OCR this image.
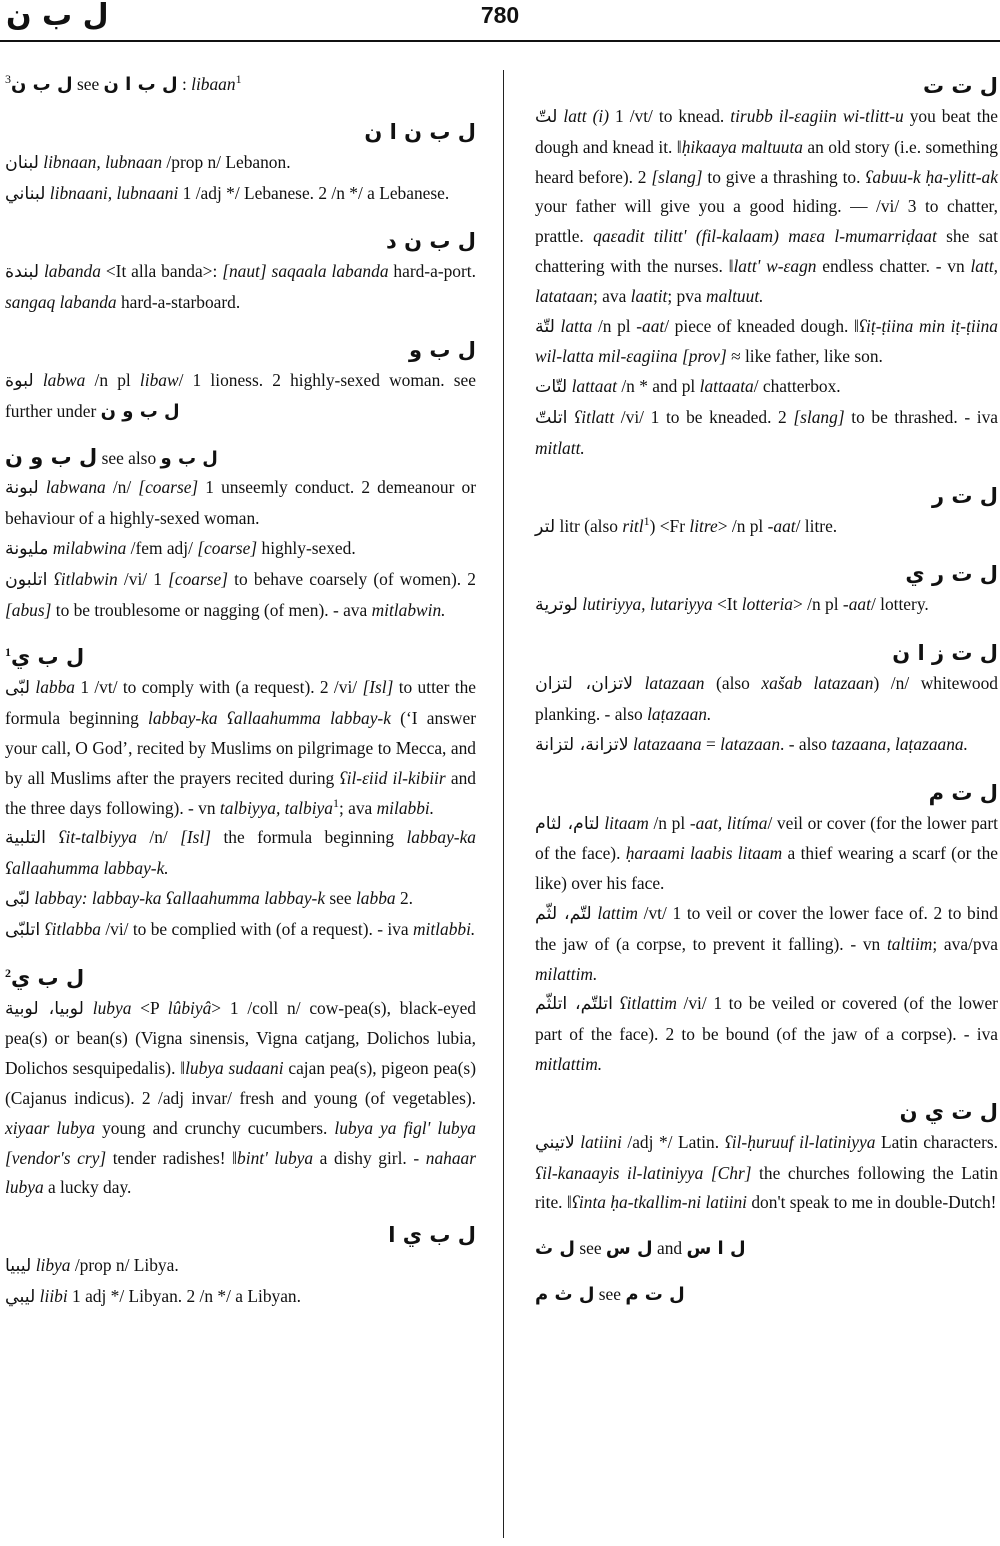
ل ب ن	780

$^3$ل ب ن see ل ب ا ن : libaan$^1$

ل ب ن ا ن

لبنان libnaan, lubnaan /prop n/ Lebanon.

لبناني libnaani, lubnaani 1 /adj */ Lebanese. 2 /n */ a Lebanese.

ل ب ن د

لبندة labanda <It alla banda>: [naut] saqaala labanda hard-a-port. sangaq labanda hard-a-starboard.

ل ب و

لبوة labwa /n pl libaw/ 1 lioness. 2 highly-sexed woman. see further under ل ب و ن

ل ب و ن see also ل ب و

لبونة labwana /n/ [coarse] 1 unseemly conduct. 2 demeanour or behaviour of a highly-sexed woman.

مليونة milabwina /fem adj/ [coarse] highly-sexed.

اتلبون ʕitlabwin /vi/ 1 [coarse] to behave coarsely (of women). 2 [abus] to be troublesome or nagging (of men). - ava mitlabwin.

$^1$ل ب ي

لبّى labba 1 /vt/ to comply with (a request). 2 /vi/ [Isl] to utter the formula beginning labbay-ka ʕallaahumma labbay-k (‘I answer your call, O God’, recited by Muslims on pilgrimage to Mecca, and by all Muslims after the prayers recited during ʕil-ɛiid il-kibiir and the three days following). - vn talbiyya, talbiya$^1$; ava milabbi.

التلبية ʕit-talbiyya /n/ [Isl] the formula beginning labbay-ka ʕallaahumma labbay-k.

لبّى labbay: labbay-ka ʕallaahumma labbay-k see labba 2.

اتلبّى ʕitlabba /vi/ to be complied with (of a request). - iva mitlabbi.

$^2$ل ب ي

لوبيا، لوبية lubya <P lûbiyâ> 1 /coll n/ cow-pea(s), black-eyed pea(s) or bean(s) (Vigna sinensis, Vigna catjang, Dolichos lubia, Dolichos sesquipedalis). ‖lubya sudaani cajan pea(s), pigeon pea(s) (Cajanus indicus). 2 /adj invar/ fresh and young (of vegetables). xiyaar lubya young and crunchy cucumbers. lubya ya figl' lubya [vendor's cry] tender radishes! ‖bint' lubya a dishy girl. - nahaar lubya a lucky day.

ل ب ي ا

ليبيا libya /prop n/ Libya.

ليبي liibi 1 adj */ Libyan. 2 /n */ a Libyan.

ل ت ت

لتّ latt (i) 1 /vt/ to knead. tirubb il-ɛagiin wi-tlitt-u you beat the dough and knead it. ‖ḥikaaya maltuuta an old story (i.e. something heard before). 2 [slang] to give a thrashing to. ʕabuu-k ḥa-ylitt-ak your father will give you a good hiding. — /vi/ 3 to chatter, prattle. qaɛadit tilitt' (fil-kalaam) maɛa l-mumarriḍaat she sat chattering with the nurses. ‖latt' w-ɛagn endless chatter. - vn latt, latataan; ava laatit; pva maltuut.

لتّة latta /n pl -aat/ piece of kneaded dough. ‖ʕiṭ-ṭiina min iṭ-ṭiina wil-latta mil-ɛagiina [prov] ≈ like father, like son.

لتّات lattaat /n * and pl lattaata/ chatterbox.

اتلتّ ʕitlatt /vi/ 1 to be kneaded. 2 [slang] to be thrashed. - iva mitlatt.

ل ت ر

لتر litr (also ritl$^1$) <Fr litre> /n pl -aat/ litre.

ل ت ر ي

لوترية lutiriyya, lutariyya <It lotteria> /n pl -aat/ lottery.

ل ت ز ا ن

لاتزان، لتزان latazaan (also xašab latazaan) /n/ whitewood planking. - also laṭazaan.

لاتزانة، لتزانة latazaana = latazaan. - also tazaana, laṭazaana.

ل ت م

لتام، لثام litaam /n pl -aat, litíma/ veil or cover (for the lower part of the face). ḥaraami laabis litaam a thief wearing a scarf (or the like) over his face.

لتّم، لثّم lattim /vt/ 1 to veil or cover the lower face of. 2 to bind the jaw of (a corpse, to prevent it falling). - vn taltiim; ava/pva milattim.

اتلتّم، اتلثّم ʕitlattim /vi/ 1 to be veiled or covered (of the lower part of the face). 2 to be bound (of the jaw of a corpse). - iva mitlattim.

ل ت ي ن

لاتيني latiini /adj */ Latin. ʕil-ḥuruuf il-latiniyya Latin characters. ʕil-kanaayis il-latiniyya [Chr] the churches following the Latin rite. ‖ʕinta ḥa-tkallim-ni latiini don't speak to me in double-Dutch!

ل ث see ل س and ل ا س

ل ث م see ل ت م
